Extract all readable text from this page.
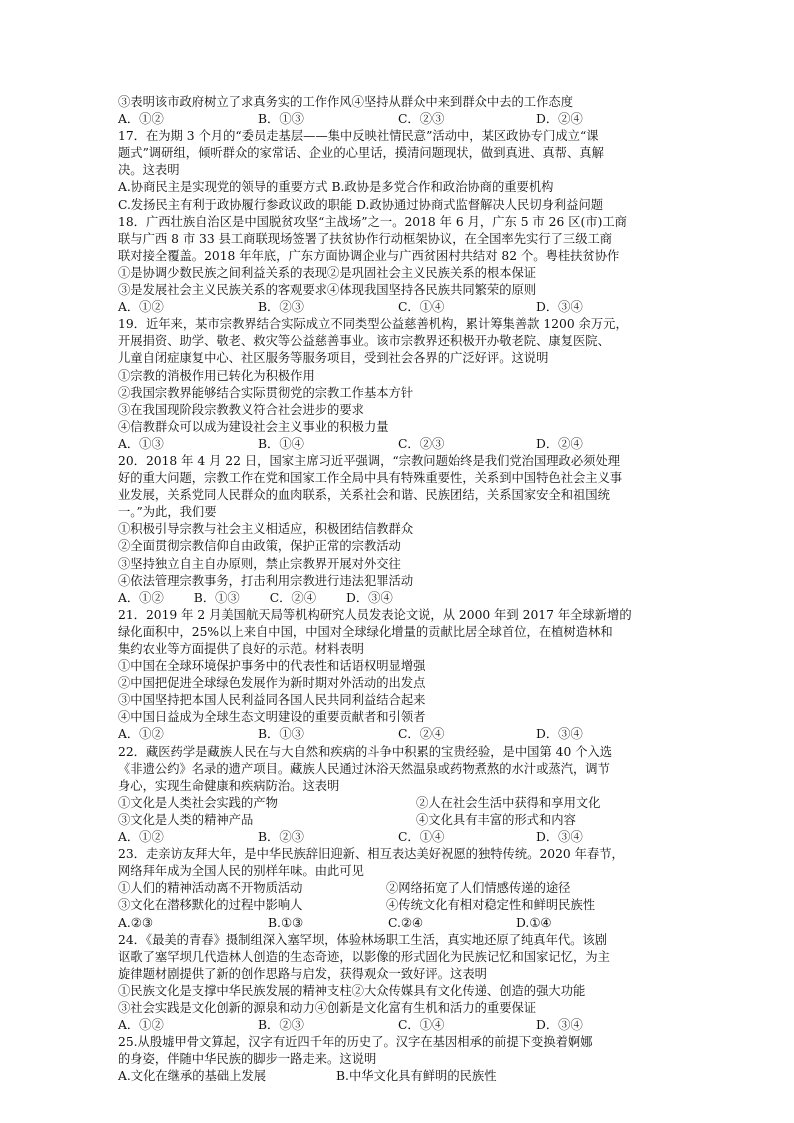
③表明该市政府树立了求真务实的工作作风④坚持从群众中来到群众中去的工作态度
A．①②	B．①③	C．②③	D．②④
17．在为期 3 个月的“委员走基层——集中反映社情民意”活动中，某区政协专门成立“课
题式”调研组，倾听群众的家常话、企业的心里话，摸清问题现状，做到真进、真帮、真解
决。这表明
A.协商民主是实现党的领导的重要方式 B.政协是多党合作和政治协商的重要机构
C.发扬民主有利于政协履行参政议政的职能 D.政协通过协商式监督解决人民切身利益问题
18．广西壮族自治区是中国脱贫攻坚“主战场”之一。2018 年 6 月，广东 5 市 26 区(市)工商
联与广西 8 市 33 县工商联现场签署了扶贫协作行动框架协议，在全国率先实行了三级工商
联对接全覆盖。2018 年年底，广东方面协调企业与广西贫困村共结对 82 个。粤桂扶贫协作
①是协调少数民族之间利益关系的表现②是巩固社会主义民族关系的根本保证
③是发展社会主义民族关系的客观要求④体现我国坚持各民族共同繁荣的原则
A．①②	B．②③	C．①④	D．③④
19．近年来，某市宗教界结合实际成立不同类型公益慈善机构，累计筹集善款 1200 余万元，
开展捐资、助学、敬老、救灾等公益慈善事业。该市宗教界还积极开办敬老院、康复医院、
儿童自闭症康复中心、社区服务等服务项目，受到社会各界的广泛好评。这说明
①宗教的消极作用已转化为积极作用
②我国宗教界能够结合实际贯彻党的宗教工作基本方针
③在我国现阶段宗教教义符合社会进步的要求
④信教群众可以成为建设社会主义事业的积极力量
A．①③	B．①④	C．②③	D．②④
20．2018 年 4 月 22 日，国家主席习近平强调，“宗教问题始终是我们党治国理政必须处理
好的重大问题，宗教工作在党和国家工作全局中具有特殊重要性，关系到中国特色社会主义事
业发展，关系党同人民群众的血肉联系，关系社会和谐、民族团结，关系国家安全和祖国统
一。”为此，我们要
①积极引导宗教与社会主义相适应，积极团结信教群众
②全面贯彻宗教信仰自由政策，保护正常的宗教活动
③坚持独立自主自办原则，禁止宗教界开展对外交往
④依法管理宗教事务，打击利用宗教进行违法犯罪活动
A．①② B．①③ C．②④ D．③④
21．2019 年 2 月美国航天局等机构研究人员发表论文说，从 2000 年到 2017 年全球新增的
绿化面积中，25%以上来自中国，中国对全球绿化增量的贡献比居全球首位，在植树造林和
集约农业等方面提供了良好的示范。材料表明
①中国在全球环境保护事务中的代表性和话语权明显增强
②中国把促进全球绿色发展作为新时期对外活动的出发点
③中国坚持把本国人民利益同各国人民共同利益结合起来
④中国日益成为全球生态文明建设的重要贡献者和引领者
A．①②	B．①③	C．②④	D．③④
22．藏医药学是藏族人民在与大自然和疾病的斗争中积累的宝贵经验，是中国第 40 个入选
《非遗公约》名录的遗产项目。藏族人民通过沐浴天然温泉或药物煮熬的水汁或蒸汽，调节
身心，实现生命健康和疾病防治。这表明
①文化是人类社会实践的产物	②人在社会生活中获得和享用文化
③文化是人类的精神产品	④文化具有丰富的形式和内容
A．①②	B．②③	C．①④	D．③④
23．走亲访友拜大年，是中华民族辞旧迎新、相互表达美好祝愿的独特传统。2020 年春节，
网络拜年成为全国人民的别样年味。由此可见
①人们的精神活动离不开物质活动	②网络拓宽了人们情感传递的途径
③文化在潜移默化的过程中影响人	④传统文化有相对稳定性和鲜明民族性
A.②③	B.①③	C.②④	D.①④
24．《最美的青春》摄制组深入塞罕坝，体验林场职工生活，真实地还原了纯真年代。该剧
讴歌了塞罕坝几代造林人创造的生态奇迹，以影像的形式固化为民族记忆和国家记忆，为主
旋律题材剧提供了新的创作思路与启发，获得观众一致好评。这表明
①民族文化是支撑中华民族发展的精神支柱②大众传媒具有文化传递、创造的强大功能
③社会实践是文化创新的源泉和动力④创新是文化富有生机和活力的重要保证
A．①②	B．②③	C．①④	D．③④
25.从殷墟甲骨文算起，汉字有近四千年的历史了。汉字在基因相承的前提下变换着婀娜
的身姿，伴随中华民族的脚步一路走来。这说明
A.文化在继承的基础上发展	B.中华文化具有鲜明的民族性
